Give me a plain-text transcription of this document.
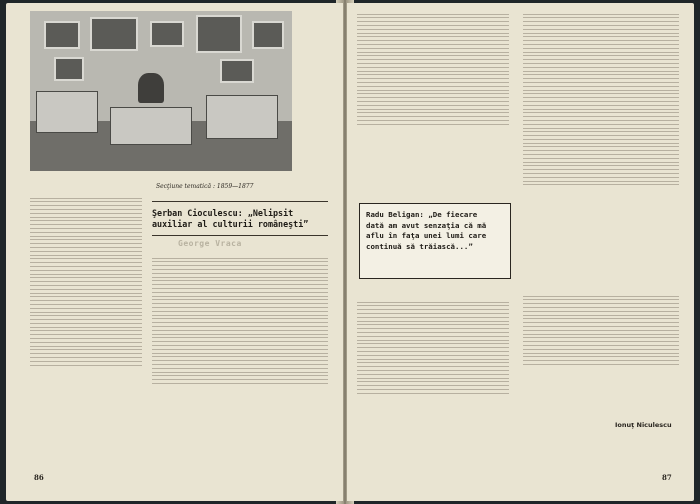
Secţiune tematică : 1859—1877
Şerban Cioculescu: „Nelipsit
auxiliar al culturii româneşti”
George Vraca
86
Radu Beligan: „De fiecare
dată am avut senzaţia că mă
aflu în faţa unei lumi care
continuă să trăiască...”
Ionuţ Niculescu
87
